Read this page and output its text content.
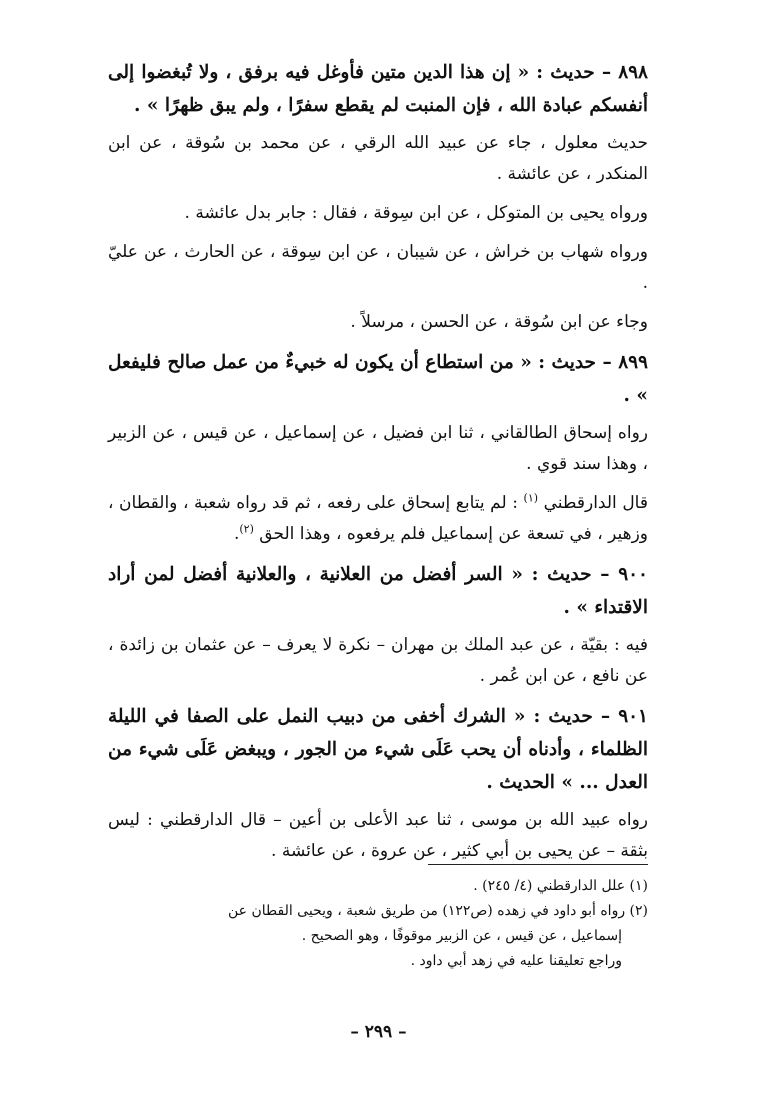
٨٩٨ – حديث : « إن هذا الدين متين فأوغل فيه برفق ، ولا تُبغضوا إلى أنفسكم عبادة الله ، فإن المنبت لم يقطع سفرًا ، ولم يبق ظهرًا » .

حديث معلول ، جاء عن عبيد الله الرقي ، عن محمد بن سُوقة ، عن ابن المنكدر ، عن عائشة .

ورواه يحيى بن المتوكل ، عن ابن سِوقة ، فقال : جابر بدل عائشة .

ورواه شهاب بن خراش ، عن شيبان ، عن ابن سِوقة ، عن الحارث ، عن عليّ .

وجاء عن ابن سُوقة ، عن الحسن ، مرسلاً .

٨٩٩ – حديث : « من استطاع أن يكون له خبيءٌ من عمل صالح فليفعل » .

رواه إسحاق الطالقاني ، ثنا ابن فضيل ، عن إسماعيل ، عن قيس ، عن الزبير ، وهذا سند قوي .

قال الدارقطني $^{(١)}$ : لم يتابع إسحاق على رفعه ، ثم قد رواه شعبة ، والقطان ، وزهير ، في تسعة عن إسماعيل فلم يرفعوه ، وهذا الحق $^{(٢)}$.

٩٠٠ – حديث : « السر أفضل من العلانية ، والعلانية أفضل لمن أراد الاقتداء » .

فيه : بقيّة ، عن عبد الملك بن مهران – نكرة لا يعرف – عن عثمان بن زائدة ، عن نافع ، عن ابن عُمر .

٩٠١ – حديث : « الشرك أخفى من دبيب النمل على الصفا في الليلة الظلماء ، وأدناه أن يحب عَلَى شيء من الجور ، ويبغض عَلَى شيء من العدل ... » الحديث .

رواه عبيد الله بن موسى ، ثنا عبد الأعلى بن أعين – قال الدارقطني : ليس بثقة – عن يحيى بن أبي كثير ، عن عروة ، عن عائشة .

(١) علل الدارقطني (٤/ ٢٤٥) .

(٢) رواه أبو داود في زهده (ص١٢٢) من طريق شعبة ، ويحيى القطان عن

إسماعيل ، عن قيس ، عن الزبير موقوفًا ، وهو الصحيح .

وراجع تعليقنا عليه في زهد أبي داود .

– ٢٩٩ –
